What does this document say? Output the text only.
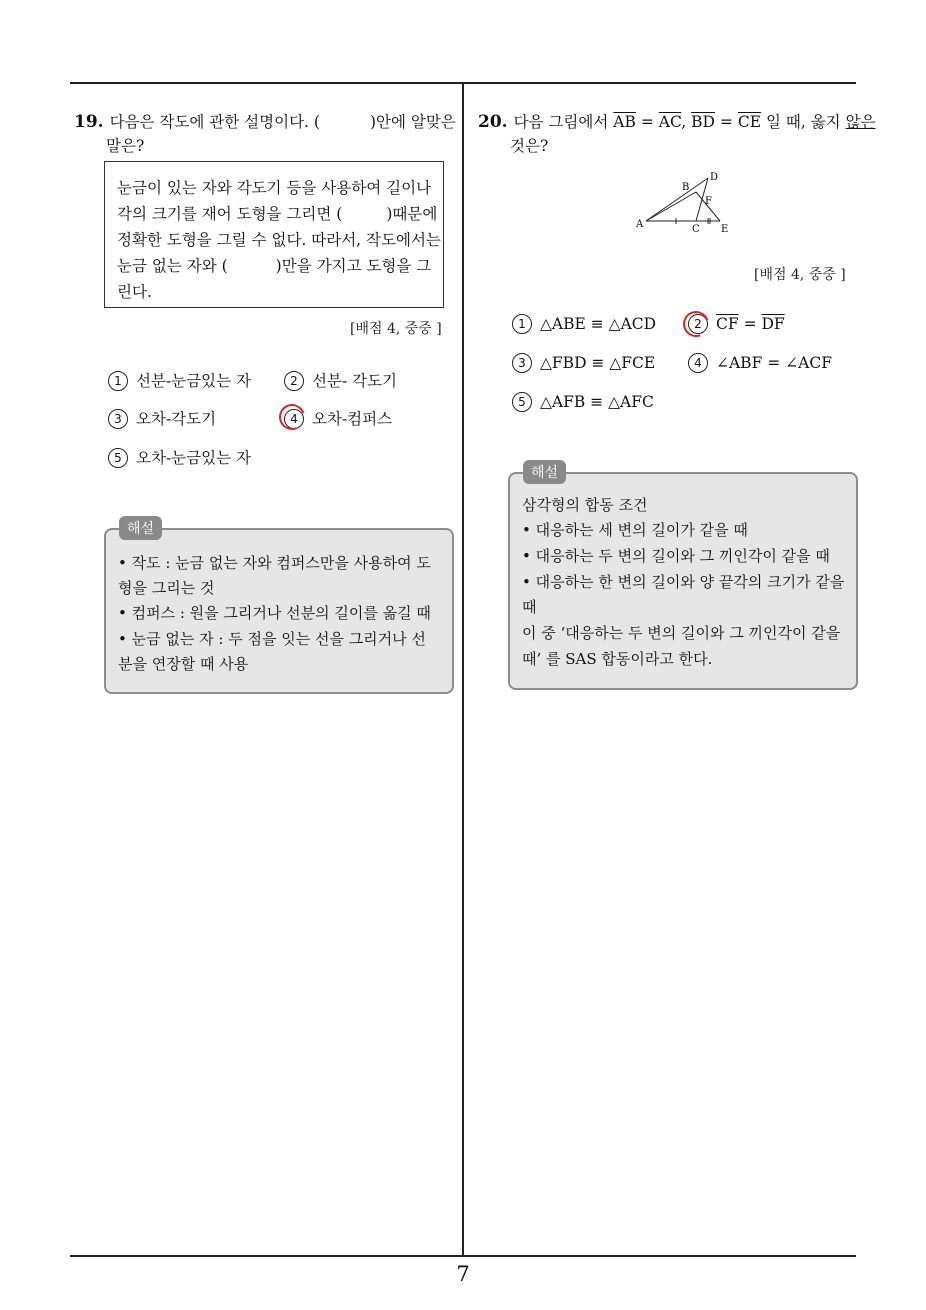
7
19. 다음은 작도에 관한 설명이다. (	)안에 알맞은
말은?
눈금이 있는 자와 각도기 등을 사용하여 길이나
각의 크기를 재어 도형을 그리면 (	)때문에
정확한 도형을 그릴 수 없다. 따라서, 작도에서는
눈금 없는 자와 (	)만을 가지고 도형을 그
린다.
[배점 4, 중중 ]
1 선분-눈금있는 자	2 선분- 각도기
3 오차-각도기	4 오차-컴퍼스
5 오차-눈금있는 자
• 작도 : 눈금 없는 자와 컴퍼스만을 사용하여 도
형을 그리는 것
• 컴퍼스 : 원을 그리거나 선분의 길이를 옮길 때
• 눈금 없는 자 : 두 점을 잇는 선을 그리거나 선
분을 연장할 때 사용
해설
20. 다음 그림에서 $\overline{AB} = \overline{AC}$, $\overline{BD} = \overline{CE}$ 일 때, 옳지 않은
것은?
A
B
C
D
E
F
[배점 4, 중중 ]
1 △ABE ≡ △ACD	2 $\overline{CF} = \overline{DF}$
3 △FBD ≡ △FCE	4 ∠ABF = ∠ACF
5 △AFB ≡ △AFC
삼각형의 합동 조건
• 대응하는 세 변의 길이가 같을 때
• 대응하는 두 변의 길이와 그 끼인각이 같을 때
• 대응하는 한 변의 길이와 양 끝각의 크기가 같을
때
이 중 ‘대응하는 두 변의 길이와 그 끼인각이 같을
때’ 를 SAS 합동이라고 한다.
해설
